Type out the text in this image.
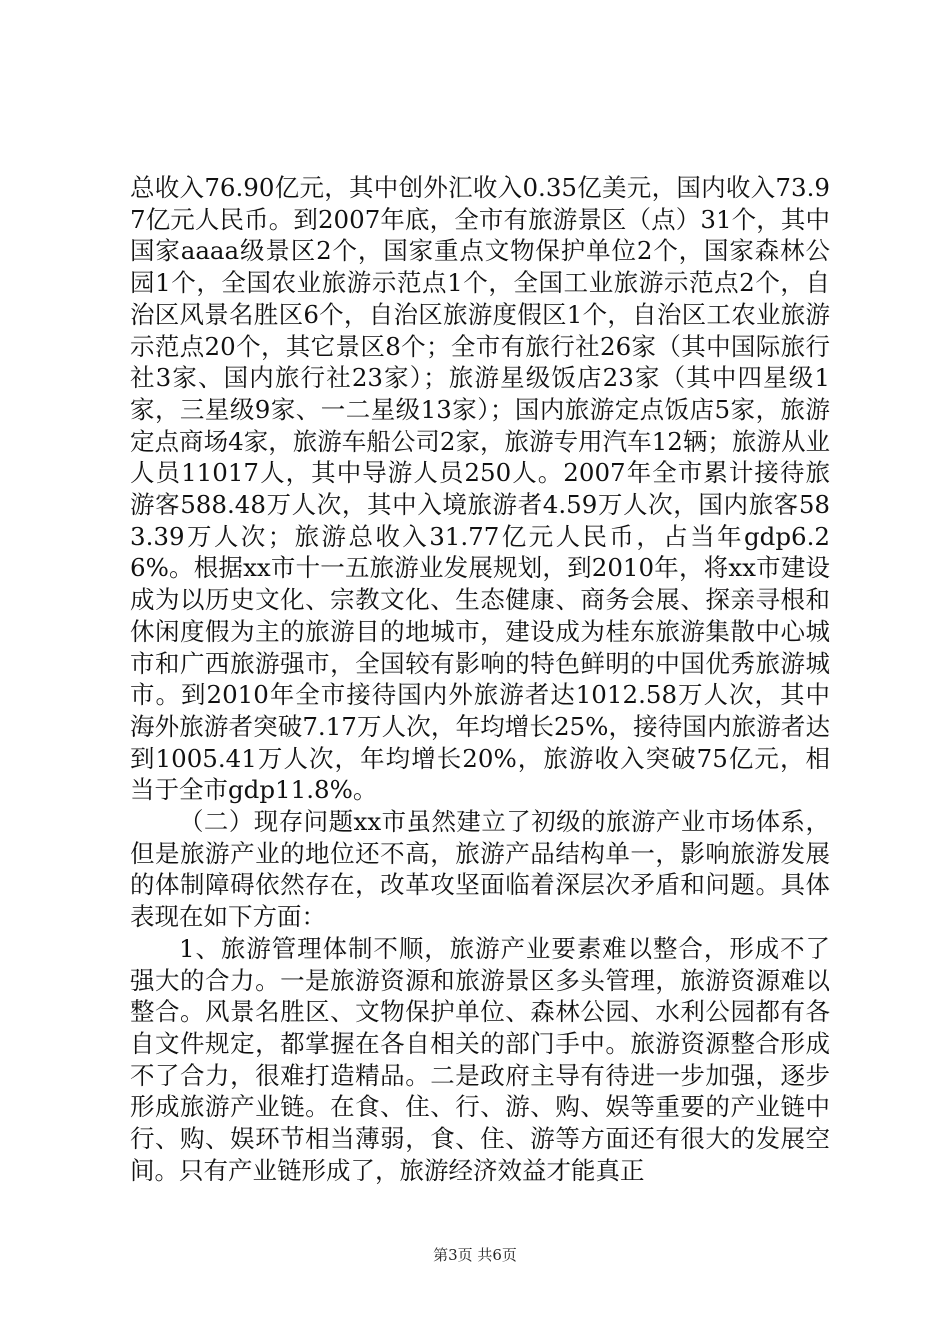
总收入76.90亿元，其中创外汇收入0.35亿美元，国内收入73.97亿元人民币。到2007年底，全市有旅游景区（点）31个，其中国家aaaa级景区2个，国家重点文物保护单位2个，国家森林公园1个，全国农业旅游示范点1个，全国工业旅游示范点2个，自治区风景名胜区6个，自治区旅游度假区1个，自治区工农业旅游示范点20个，其它景区8个；全市有旅行社26家（其中国际旅行社3家、国内旅行社23家）；旅游星级饭店23家（其中四星级1家，三星级9家、一二星级13家）；国内旅游定点饭店5家，旅游定点商场4家，旅游车船公司2家，旅游专用汽车12辆；旅游从业人员11017人，其中导游人员250人。2007年全市累计接待旅游客588.48万人次，其中入境旅游者4.59万人次，国内旅客583.39万人次；旅游总收入31.77亿元人民币，占当年gdp6.26%。根据xx市十一五旅游业发展规划，到2010年，将xx市建设成为以历史文化、宗教文化、生态健康、商务会展、探亲寻根和休闲度假为主的旅游目的地城市，建设成为桂东旅游集散中心城市和广西旅游强市，全国较有影响的特色鲜明的中国优秀旅游城市。到2010年全市接待国内外旅游者达1012.58万人次，其中海外旅游者突破7.17万人次，年均增长25%，接待国内旅游者达到1005.41万人次，年均增长20%，旅游收入突破75亿元，相当于全市gdp11.8%。

（二）现存问题xx市虽然建立了初级的旅游产业市场体系，但是旅游产业的地位还不高，旅游产品结构单一，影响旅游发展的体制障碍依然存在，改革攻坚面临着深层次矛盾和问题。具体表现在如下方面：

1、旅游管理体制不顺，旅游产业要素难以整合，形成不了强大的合力。一是旅游资源和旅游景区多头管理，旅游资源难以整合。风景名胜区、文物保护单位、森林公园、水利公园都有各自文件规定，都掌握在各自相关的部门手中。旅游资源整合形成不了合力，很难打造精品。二是政府主导有待进一步加强，逐步形成旅游产业链。在食、住、行、游、购、娱等重要的产业链中行、购、娱环节相当薄弱，食、住、游等方面还有很大的发展空间。只有产业链形成了，旅游经济效益才能真正

第3页 共6页
